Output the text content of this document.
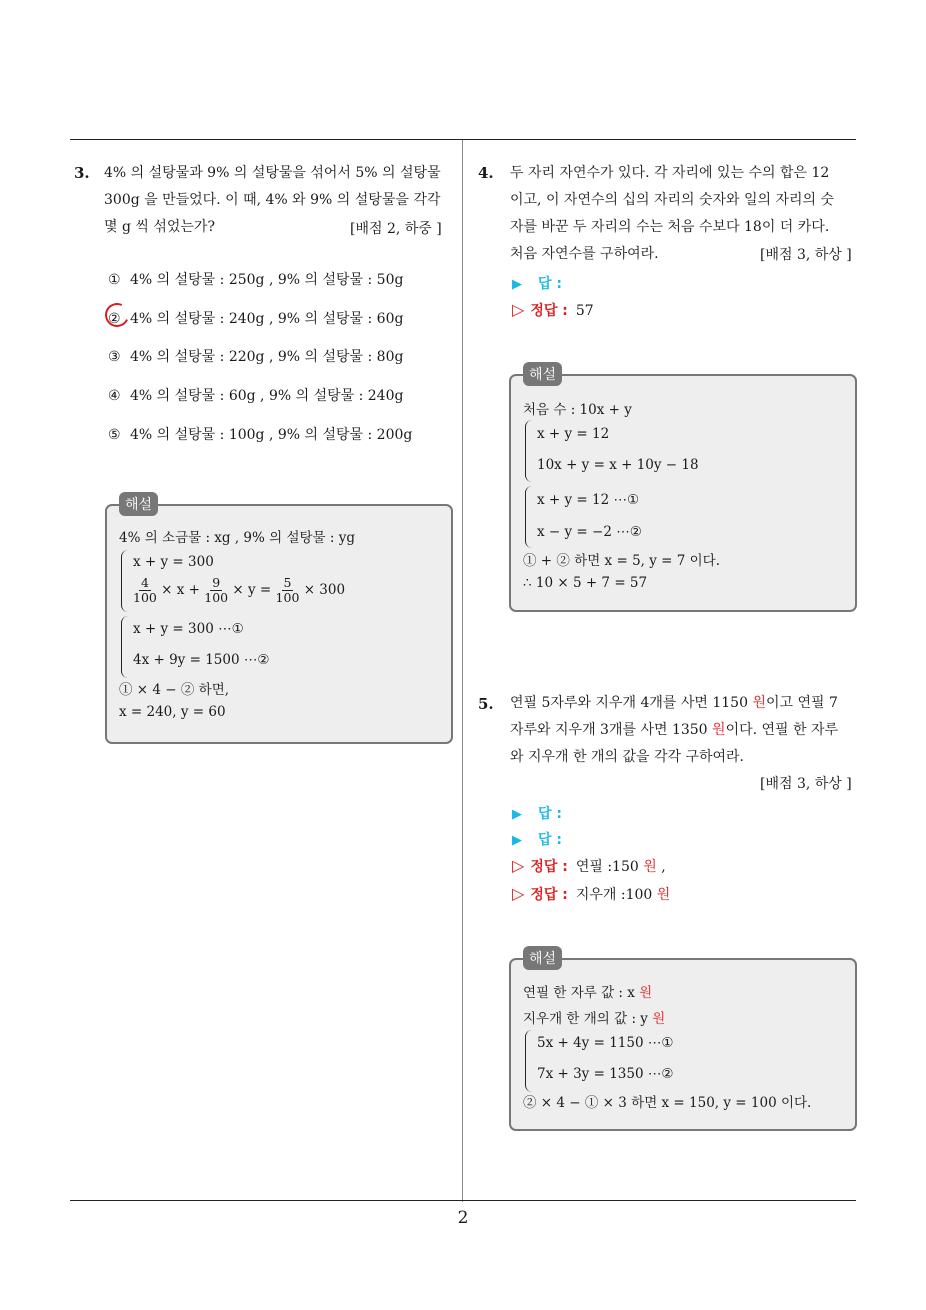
2
3. 4% 의 설탕물과 9% 의 설탕물을 섞어서 5% 의 설탕물
300g 을 만들었다. 이 때, 4% 와 9% 의 설탕물을 각각
몇 g 씩 섞었는가?	[배점 2, 하중 ]
① 4% 의 설탕물 : 250g , 9% 의 설탕물 : 50g
② 4% 의 설탕물 : 240g , 9% 의 설탕물 : 60g
③ 4% 의 설탕물 : 220g , 9% 의 설탕물 : 80g
④ 4% 의 설탕물 : 60g , 9% 의 설탕물 : 240g
⑤ 4% 의 설탕물 : 100g , 9% 의 설탕물 : 200g
해설
4% 의 소금물 : xg , 9% 의 설탕물 : yg
x + y = 300
$\frac{4}{100} \times x + \frac{9}{100} \times y = \frac{5}{100} \times 300$
x + y = 300 ⋯①
4x + 9y = 1500 ⋯②
① × 4 − ② 하면,
x = 240, y = 60
4. 두 자리 자연수가 있다. 각 자리에 있는 수의 합은 12
이고, 이 자연수의 십의 자리의 숫자와 일의 자리의 숫
자를 바꾼 두 자리의 수는 처음 수보다 18이 더 카다.
처음 자연수를 구하여라.	[배점 3, 하상 ]
▶ 답 :
▷ 정답 : 57
해설
처음 수 : 10x + y
x + y = 12
10x + y = x + 10y − 18
x + y = 12 ⋯①
x − y = −2 ⋯②
① + ② 하면 x = 5, y = 7 이다.
∴ 10 × 5 + 7 = 57
5. 연필 5자루와 지우개 4개를 사면 1150 원이고 연필 7
자루와 지우개 3개를 사면 1350 원이다. 연필 한 자루
와 지우개 한 개의 값을 각각 구하여라.
[배점 3, 하상 ]
▶ 답 :
▶ 답 :
▷ 정답 : 연필 :150 원 ,
▷ 정답 : 지우개 :100 원
해설
연필 한 자루 값 : x 원
지우개 한 개의 값 : y 원
5x + 4y = 1150 ⋯①
7x + 3y = 1350 ⋯②
② × 4 − ① × 3 하면 x = 150, y = 100 이다.
